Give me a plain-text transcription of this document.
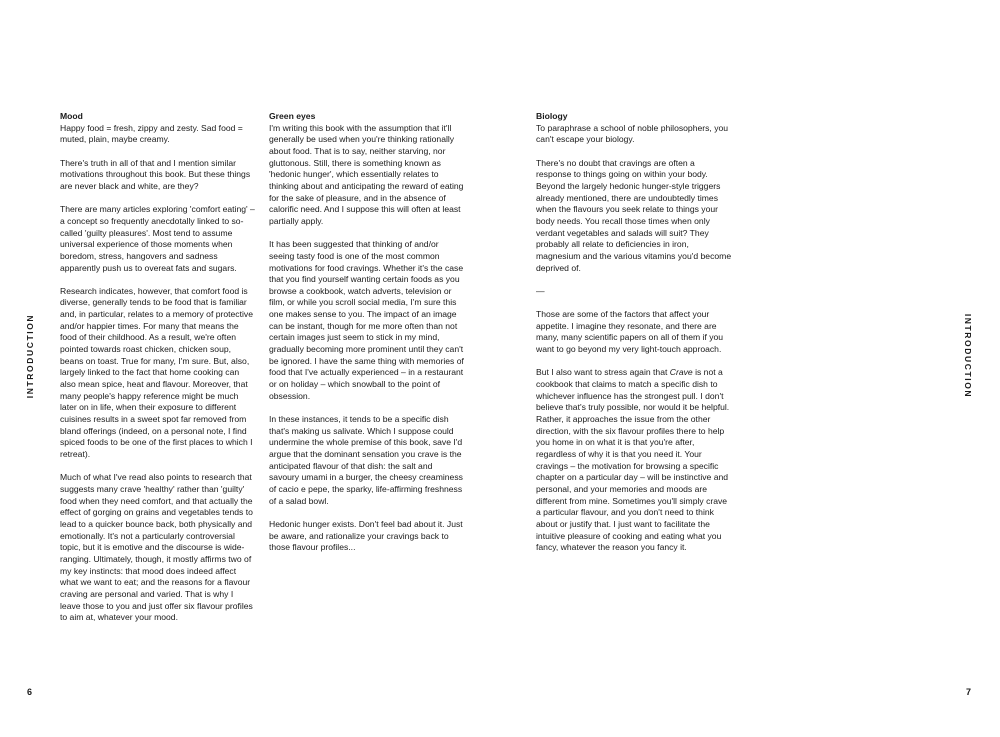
INTRODUCTION	INTRODUCTION
Mood

Happy food = fresh, zippy and zesty. Sad food = muted, plain, maybe creamy.

There's truth in all of that and I mention similar motivations throughout this book. But these things are never black and white, are they?

There are many articles exploring 'comfort eating' – a concept so frequently anecdotally linked to so-called 'guilty pleasures'. Most tend to assume universal experience of those moments when boredom, stress, hangovers and sadness apparently push us to overeat fats and sugars.

Research indicates, however, that comfort food is diverse, generally tends to be food that is familiar and, in particular, relates to a memory of protective and/or happier times. For many that means the food of their childhood. As a result, we're often pointed towards roast chicken, chicken soup, beans on toast. True for many, I'm sure. But, also, largely linked to the fact that home cooking can also mean spice, heat and flavour. Moreover, that many people's happy reference might be much later on in life, when their exposure to different cuisines results in a sweet spot far removed from bland offerings (indeed, on a personal note, I find spiced foods to be one of the first places to which I retreat).

Much of what I've read also points to research that suggests many crave 'healthy' rather than 'guilty' food when they need comfort, and that actually the effect of gorging on grains and vegetables tends to lead to a quicker bounce back, both physically and emotionally. It's not a particularly controversial topic, but it is emotive and the discourse is wide-ranging. Ultimately, though, it mostly affirms two of my key instincts: that mood does indeed affect what we want to eat; and the reasons for a flavour craving are personal and varied. That is why I leave those to you and just offer six flavour profiles to aim at, whatever your mood.

Green eyes

I'm writing this book with the assumption that it'll generally be used when you're thinking rationally about food. That is to say, neither starving, nor gluttonous. Still, there is something known as 'hedonic hunger', which essentially relates to thinking about and anticipating the reward of eating for the sake of pleasure, and in the absence of calorific need. And I suppose this will often at least partially apply.

It has been suggested that thinking of and/or seeing tasty food is one of the most common motivations for food cravings. Whether it's the case that you find yourself wanting certain foods as you browse a cookbook, watch adverts, television or film, or while you scroll social media, I'm sure this one makes sense to you. The impact of an image can be instant, though for me more often than not certain images just seem to stick in my mind, gradually becoming more prominent until they can't be ignored. I have the same thing with memories of food that I've actually experienced – in a restaurant or on holiday – which snowball to the point of obsession.

In these instances, it tends to be a specific dish that's making us salivate. Which I suppose could undermine the whole premise of this book, save I'd argue that the dominant sensation you crave is the anticipated flavour of that dish: the salt and savoury umami in a burger, the cheesy creaminess of cacio e pepe, the sparky, life-affirming freshness of a salad bowl.

Hedonic hunger exists. Don't feel bad about it. Just be aware, and rationalize your cravings back to those flavour profiles...

Biology

To paraphrase a school of noble philosophers, you can't escape your biology.

There's no doubt that cravings are often a response to things going on within your body. Beyond the largely hedonic hunger-style triggers already mentioned, there are undoubtedly times when the flavours you seek relate to things your body needs. You recall those times when only verdant vegetables and salads will suit? They probably all relate to deficiencies in iron, magnesium and the various vitamins you'd become deprived of.

—

Those are some of the factors that affect your appetite. I imagine they resonate, and there are many, many scientific papers on all of them if you want to go beyond my very light-touch approach.

But I also want to stress again that Crave is not a cookbook that claims to match a specific dish to whichever influence has the strongest pull. I don't believe that's truly possible, nor would it be helpful. Rather, it approaches the issue from the other direction, with the six flavour profiles there to help you home in on what it is that you're after, regardless of why it is that you need it. Your cravings – the motivation for browsing a specific chapter on a particular day – will be instinctive and personal, and your memories and moods are different from mine. Sometimes you'll simply crave a particular flavour, and you don't need to think about or justify that. I just want to facilitate the intuitive pleasure of cooking and eating what you fancy, whatever the reason you fancy it.

6	7
